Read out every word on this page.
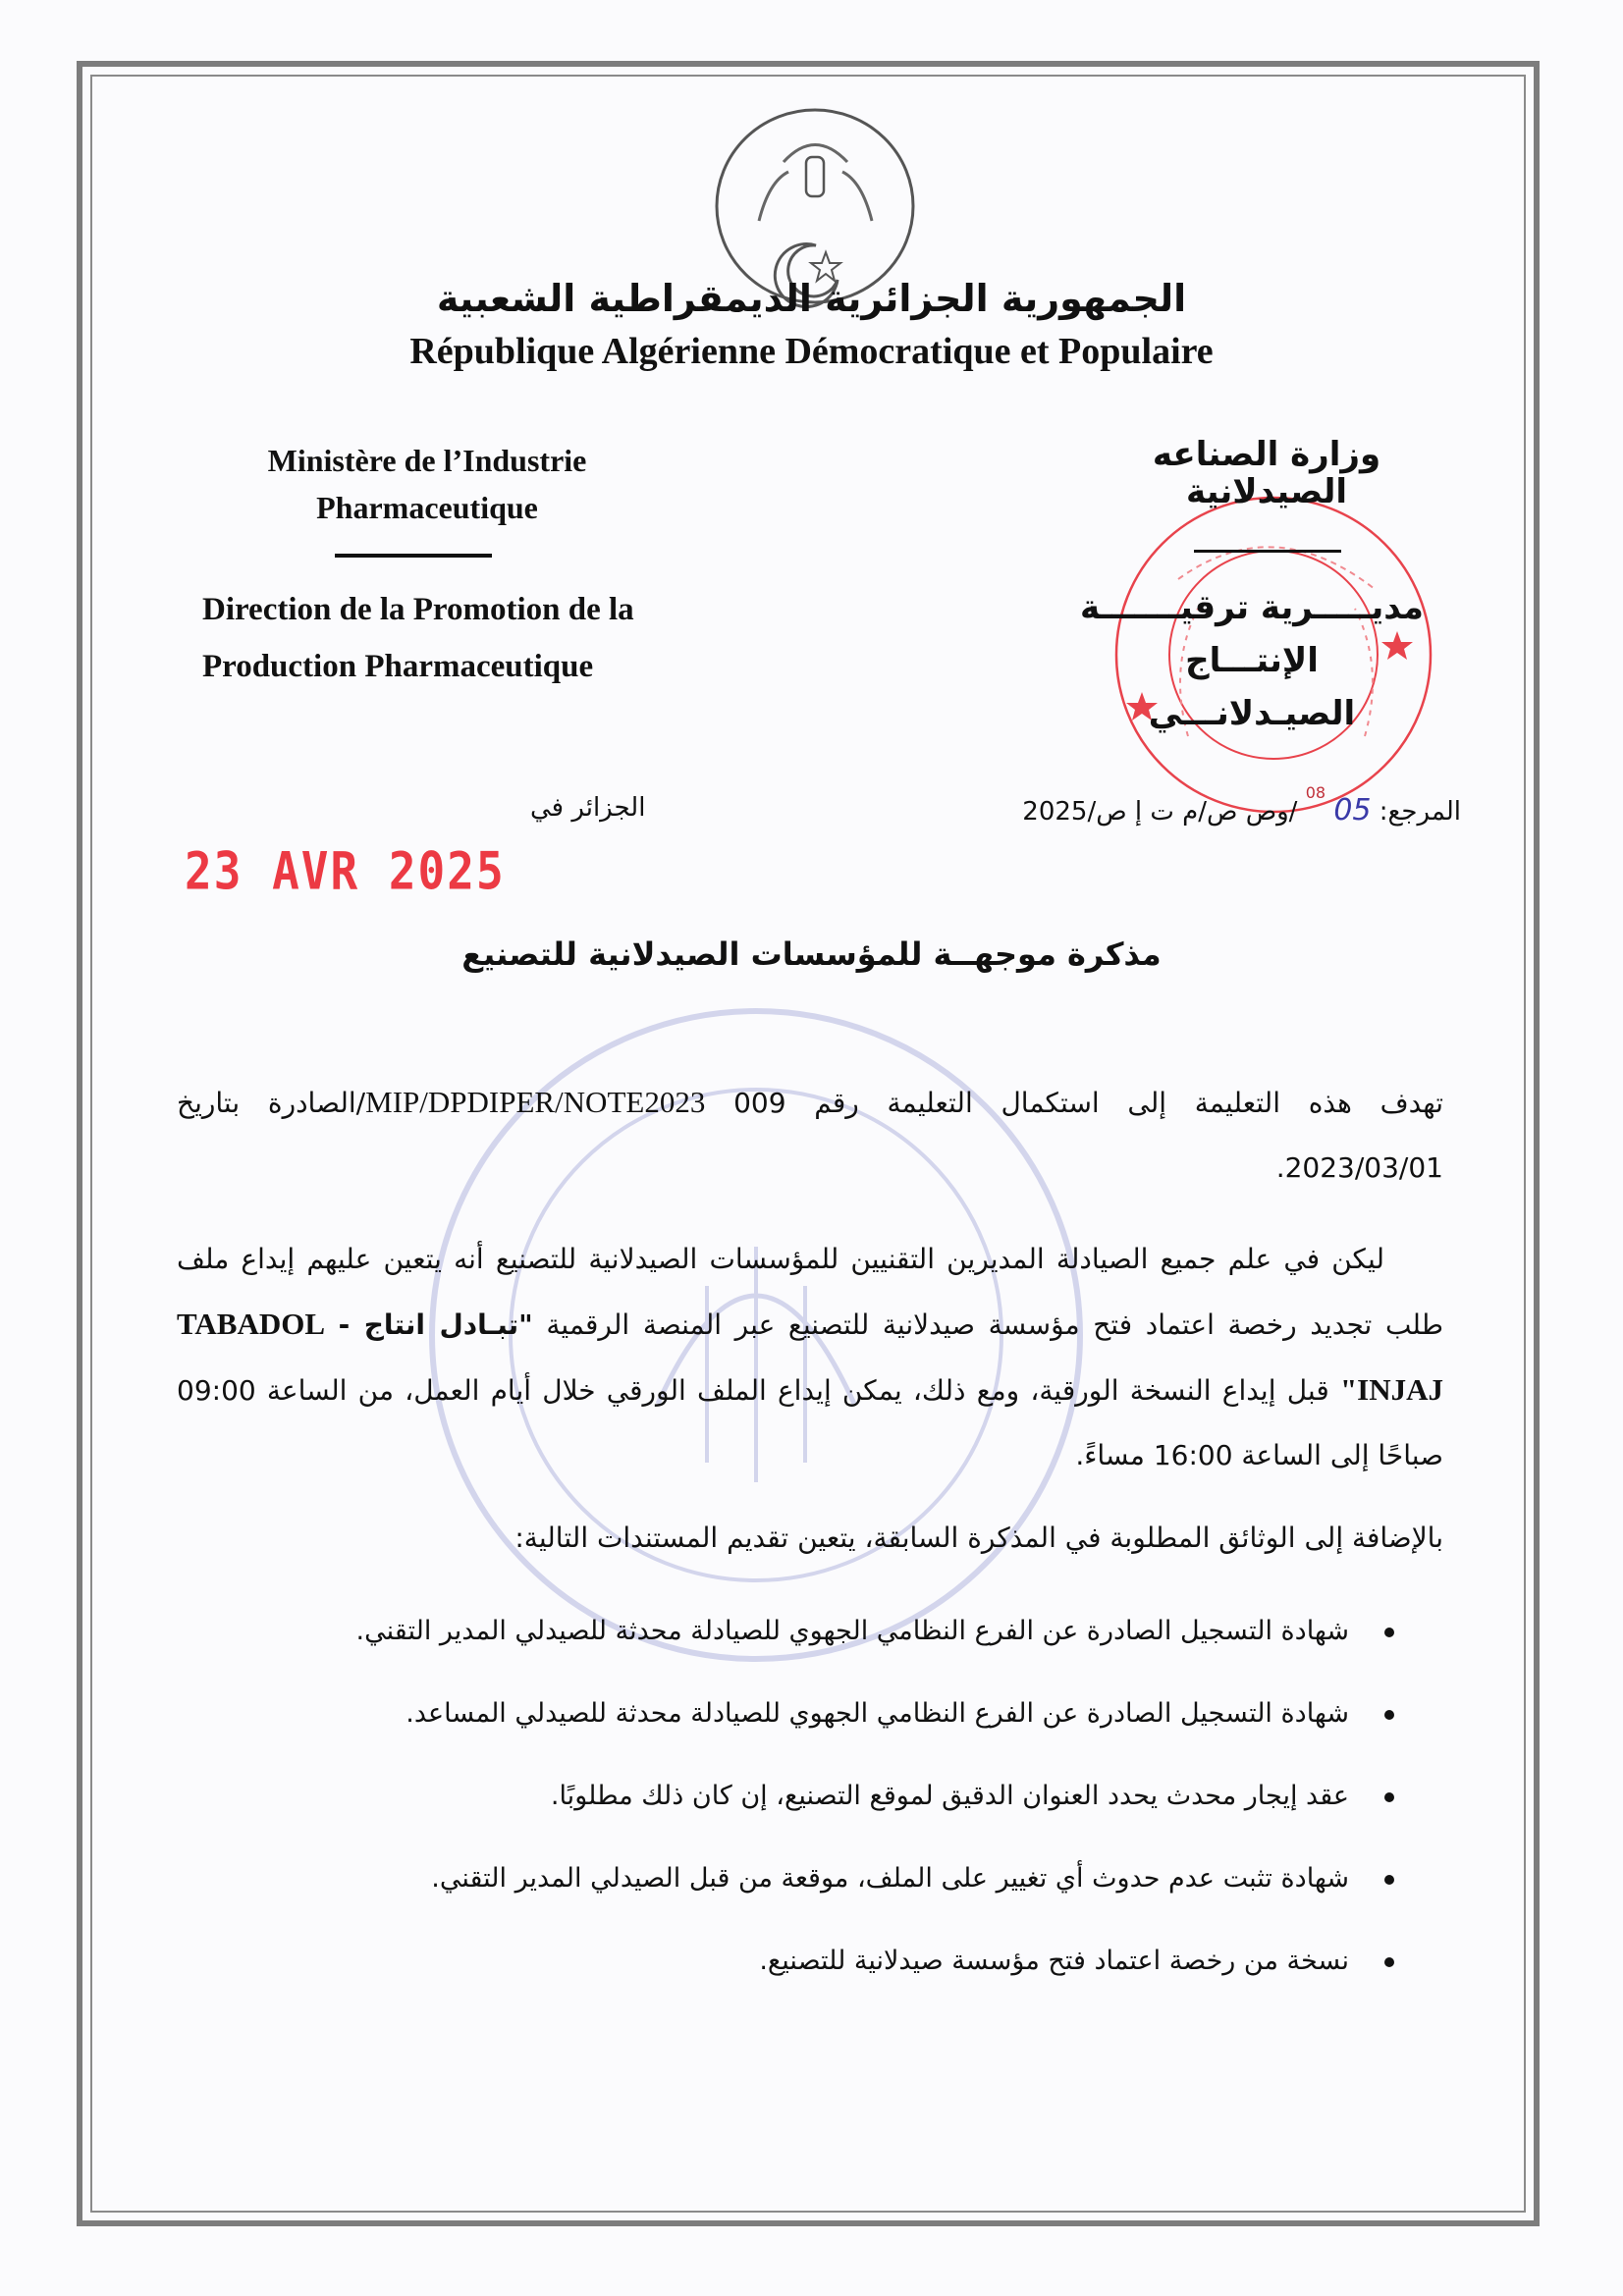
الجمهورية الجزائرية الديمقراطية الشعبية
République Algérienne Démocratique et Populaire
Ministère de l’Industrie
Pharmaceutique
Direction de la Promotion de la
Production Pharmaceutique
وزارة الصناعه
الصيدلانية
مديـــــرية ترقيـــــــة
الإنتـــاج الصيـدلانـــي
المرجع: 05 $^{08}$ /وص ص/م ت إ ص/2025
الجزائر في
23 AVR 2025
مذكرة موجهــة للمؤسسات الصيدلانية للتصنيع
تهدف هذه التعليمة إلى استكمال التعليمة رقم 009 MIP/DPDIPER/NOTE2023/الصادرة بتاريخ 2023/03/01.
ليكن في علم جميع الصيادلة المديرين التقنيين للمؤسسات الصيدلانية للتصنيع أنه يتعين عليهم إيداع ملف طلب تجديد رخصة اعتماد فتح مؤسسة صيدلانية للتصنيع عبر المنصة الرقمية "تبـادل انتاج - TABADOL INJAJ" قبل إيداع النسخة الورقية، ومع ذلك، يمكن إيداع الملف الورقي خلال أيام العمل، من الساعة 09:00 صباحًا إلى الساعة 16:00 مساءً.
بالإضافة إلى الوثائق المطلوبة في المذكرة السابقة، يتعين تقديم المستندات التالية:
شهادة التسجيل الصادرة عن الفرع النظامي الجهوي للصيادلة محدثة للصيدلي المدير التقني.
شهادة التسجيل الصادرة عن الفرع النظامي الجهوي للصيادلة محدثة للصيدلي المساعد.
عقد إيجار محدث يحدد العنوان الدقيق لموقع التصنيع، إن كان ذلك مطلوبًا.
شهادة تثبت عدم حدوث أي تغيير على الملف، موقعة من قبل الصيدلي المدير التقني.
نسخة من رخصة اعتماد فتح مؤسسة صيدلانية للتصنيع.
